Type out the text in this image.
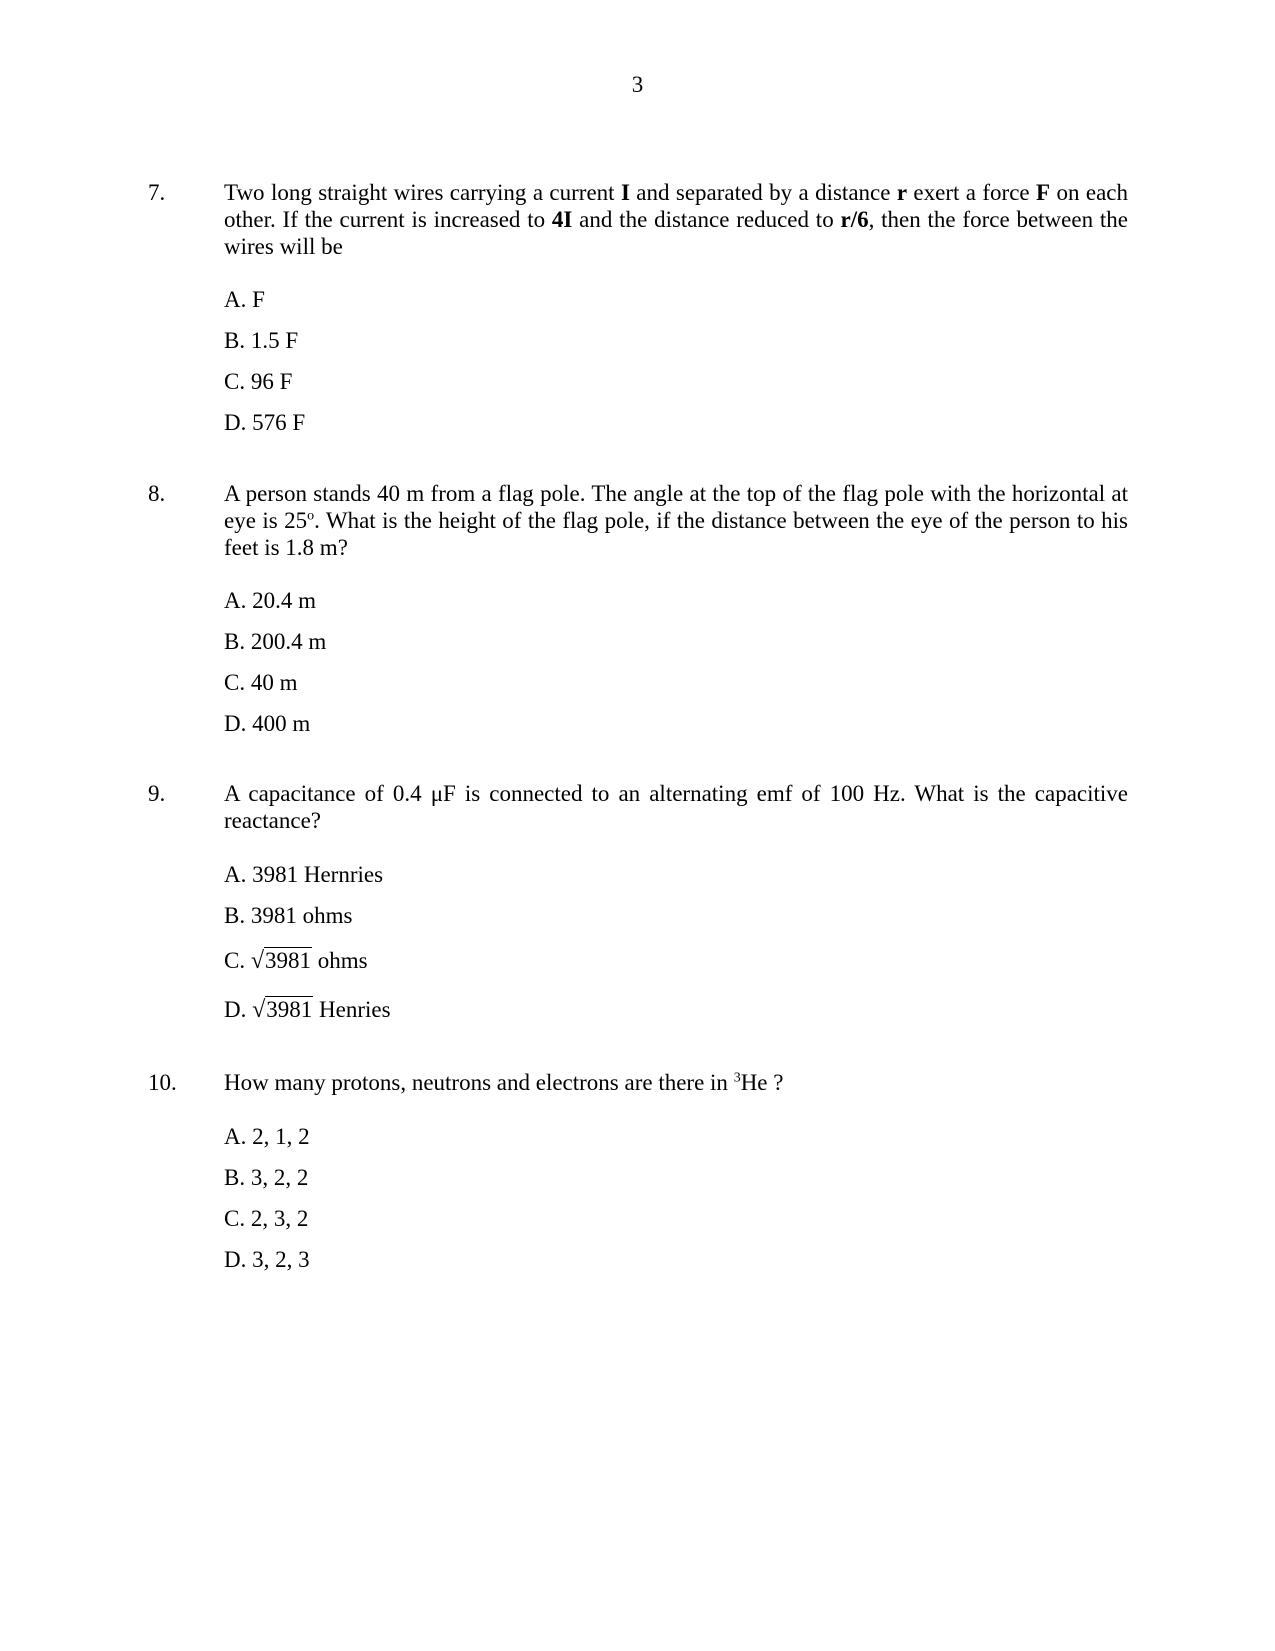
3
7.	Two long straight wires carrying a current I and separated by a distance r exert a force F on each other. If the current is increased to 4I and the distance reduced to r/6, then the force between the wires will be
A. F
B. 1.5 F
C. 96 F
D. 576 F
8.	A person stands 40 m from a flag pole. The angle at the top of the flag pole with the horizontal at eye is 25$^o$. What is the height of the flag pole, if the distance between the eye of the person to his feet is 1.8 m?
A. 20.4 m
B. 200.4 m
C. 40 m
D. 400 m
9.	A capacitance of 0.4 μF is connected to an alternating emf of 100 Hz. What is the capacitive reactance?
A. 3981 Hernries
B. 3981 ohms
C. √3981 ohms
D. √3981 Henries
10. How many protons, neutrons and electrons are there in $^3$He ?
A. 2, 1, 2
B. 3, 2, 2
C. 2, 3, 2
D. 3, 2, 3
